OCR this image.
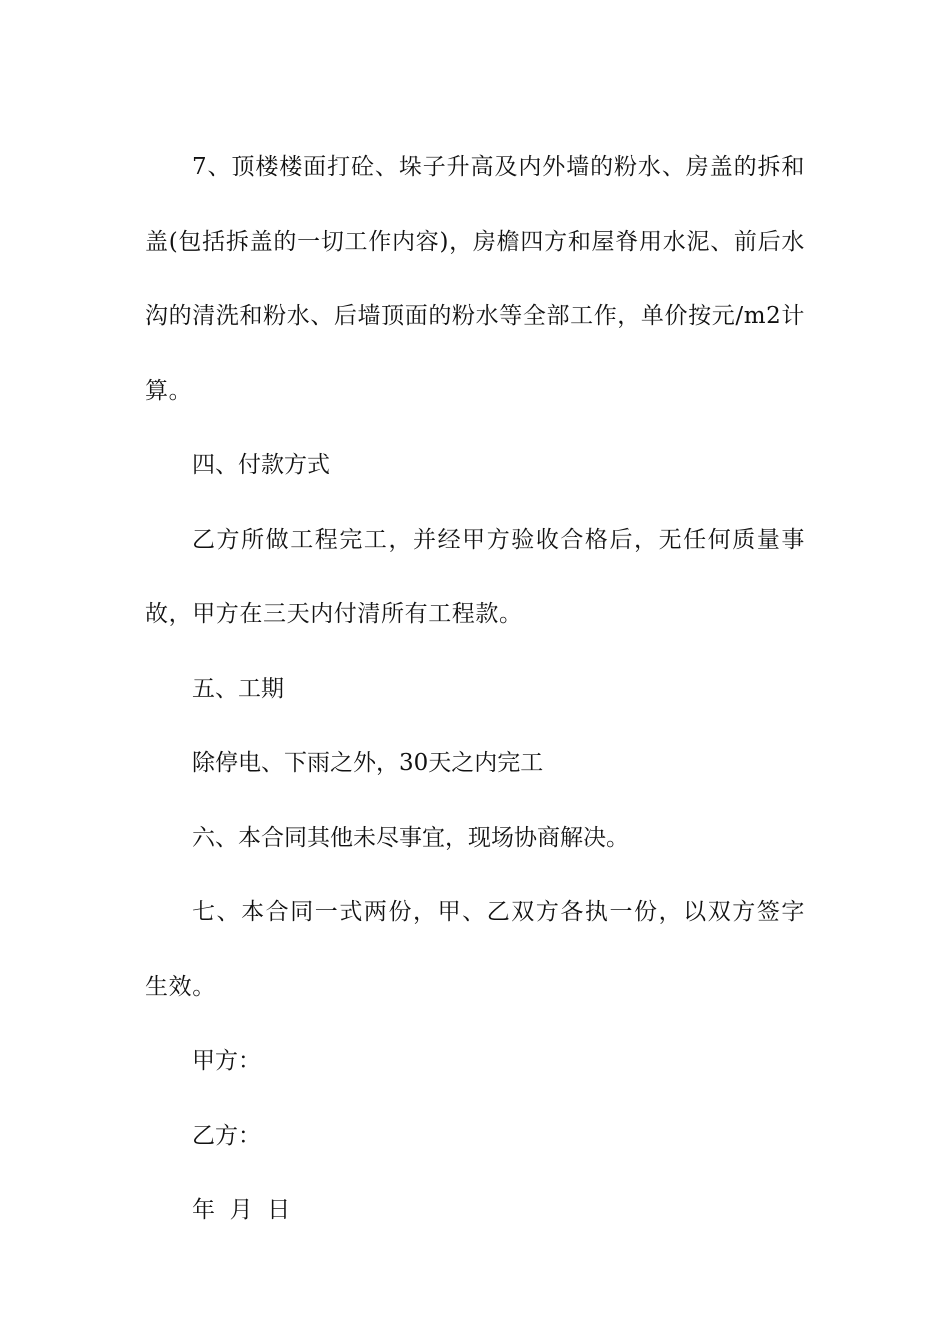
7、顶楼楼面打砼、垛子升高及内外墙的粉水、房盖的拆和盖(包括拆盖的一切工作内容)，房檐四方和屋脊用水泥、前后水沟的清洗和粉水、后墙顶面的粉水等全部工作，单价按元/m2计算。

四、付款方式

乙方所做工程完工，并经甲方验收合格后，无任何质量事故，甲方在三天内付清所有工程款。

五、工期

除停电、下雨之外，30天之内完工

六、本合同其他未尽事宜，现场协商解决。

七、本合同一式两份，甲、乙双方各执一份，以双方签字生效。

甲方：

乙方：

年  月  日
